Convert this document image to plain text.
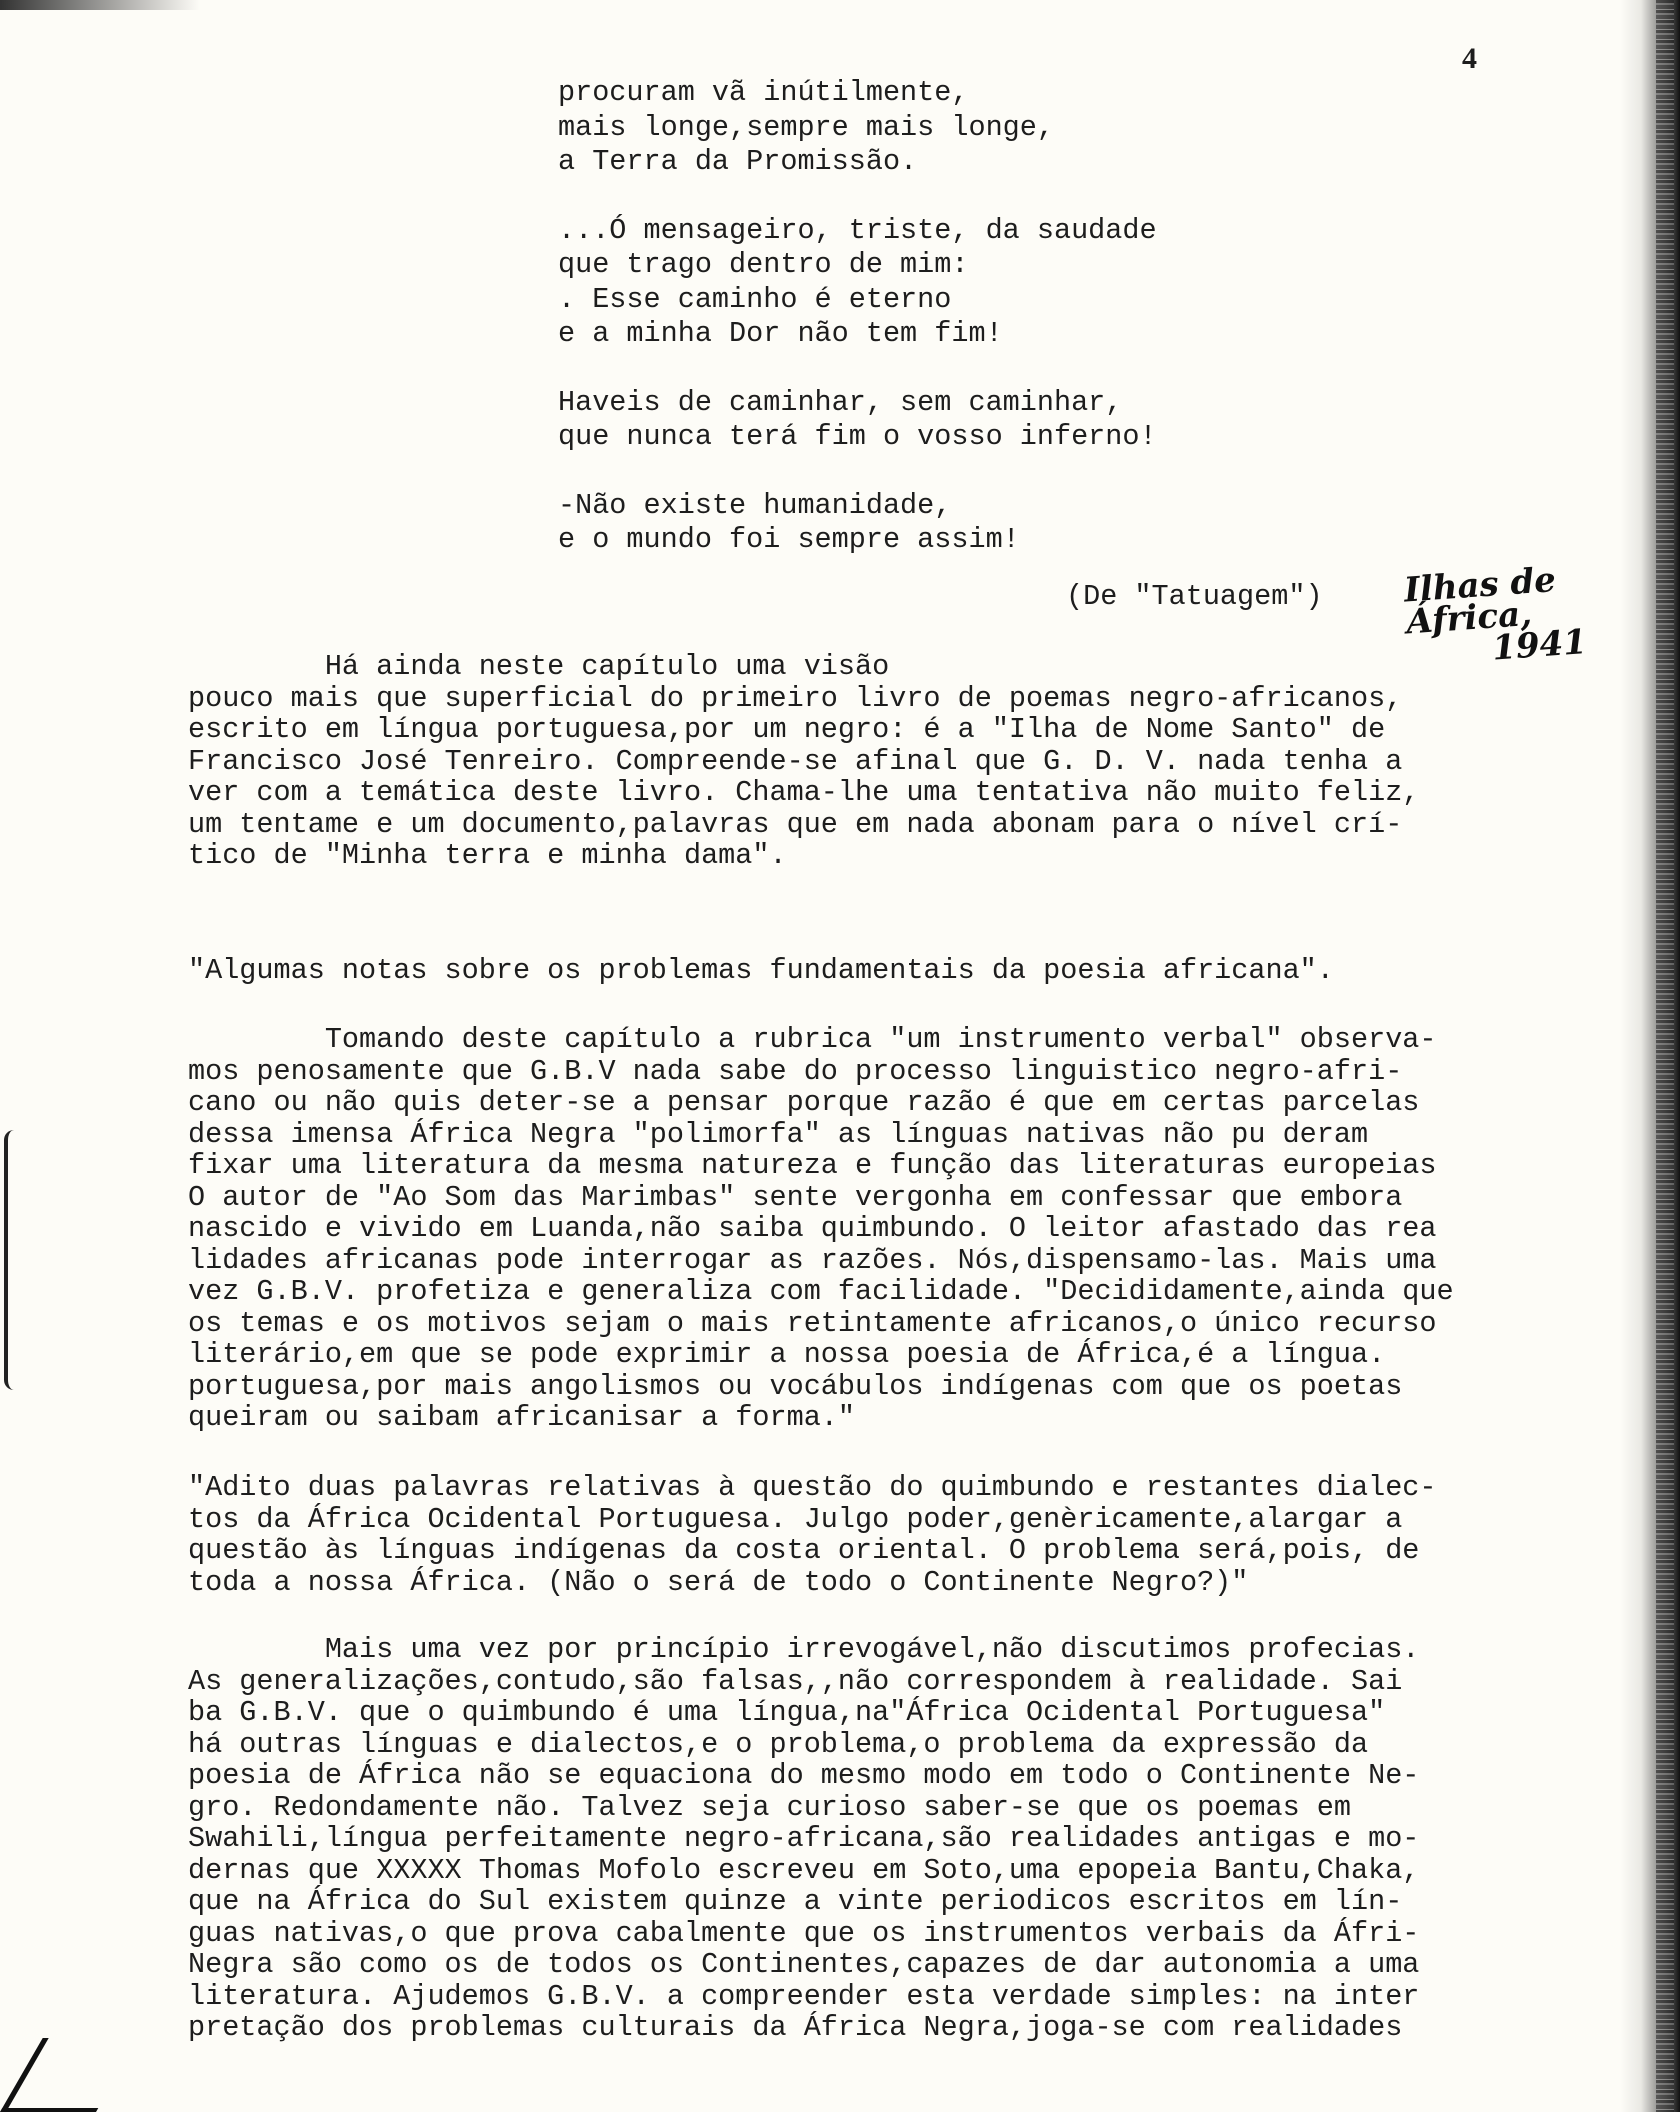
4
procuram vã inútilmente,
mais longe,sempre mais longe,
a Terra da Promissão.
...Ó mensageiro, triste, da saudade
que trago dentro de mim:
. Esse caminho é eterno
e a minha Dor não tem fim!
Haveis de caminhar, sem caminhar,
que nunca terá fim o vosso inferno!
-Não existe humanidade,
e o mundo foi sempre assim!
(De "Tatuagem") Ilhas de África,
1941
Há ainda neste capítulo uma visão
pouco mais que superficial do primeiro livro de poemas negro-africanos,
escrito em língua portuguesa,por um negro: é a "Ilha de Nome Santo" de
Francisco José Tenreiro. Compreende-se afinal que G. D. V. nada tenha a
ver com a temática deste livro. Chama-lhe uma tentativa não muito feliz,
um tentame e um documento,palavras que em nada abonam para o nível crí-
tico de "Minha terra e minha dama".
"Algumas notas sobre os problemas fundamentais da poesia africana".
Tomando deste capítulo a rubrica "um instrumento verbal" observa-
mos penosamente que G.B.V nada sabe do processo linguistico negro-afri-
cano ou não quis deter-se a pensar porque razão é que em certas parcelas
dessa imensa África Negra "polimorfa" as línguas nativas não pu deram
fixar uma literatura da mesma natureza e função das literaturas europeias
O autor de "Ao Som das Marimbas" sente vergonha em confessar que embora
nascido e vivido em Luanda,não saiba quimbundo. O leitor afastado das rea
lidades africanas pode interrogar as razões. Nós,dispensamo-las. Mais uma
vez G.B.V. profetiza e generaliza com facilidade. "Decididamente,ainda que
os temas e os motivos sejam o mais retintamente africanos,o único recurso
literário,em que se pode exprimir a nossa poesia de África,é a língua.
portuguesa,por mais angolismos ou vocábulos indígenas com que os poetas
queiram ou saibam africanisar a forma."
"Adito duas palavras relativas à questão do quimbundo e restantes dialec-
tos da África Ocidental Portuguesa. Julgo poder,genèricamente,alargar a
questão às línguas indígenas da costa oriental. O problema será,pois, de
toda a nossa África. (Não o será de todo o Continente Negro?)"
Mais uma vez por princípio irrevogável,não discutimos profecias.
As generalizações,contudo,são falsas,,não correspondem à realidade. Sai
ba G.B.V. que o quimbundo é uma língua,na"África Ocidental Portuguesa"
há outras línguas e dialectos,e o problema,o problema da expressão da
poesia de África não se equaciona do mesmo modo em todo o Continente Ne-
gro. Redondamente não. Talvez seja curioso saber-se que os poemas em
Swahili,língua perfeitamente negro-africana,são realidades antigas e mo-
dernas que XXXXX Thomas Mofolo escreveu em Soto,uma epopeia Bantu,Chaka,
que na África do Sul existem quinze a vinte periodicos escritos em lín-
guas nativas,o que prova cabalmente que os instrumentos verbais da Áfri-
Negra são como os de todos os Continentes,capazes de dar autonomia a uma
literatura. Ajudemos G.B.V. a compreender esta verdade simples: na inter
pretação dos problemas culturais da África Negra,joga-se com realidades
